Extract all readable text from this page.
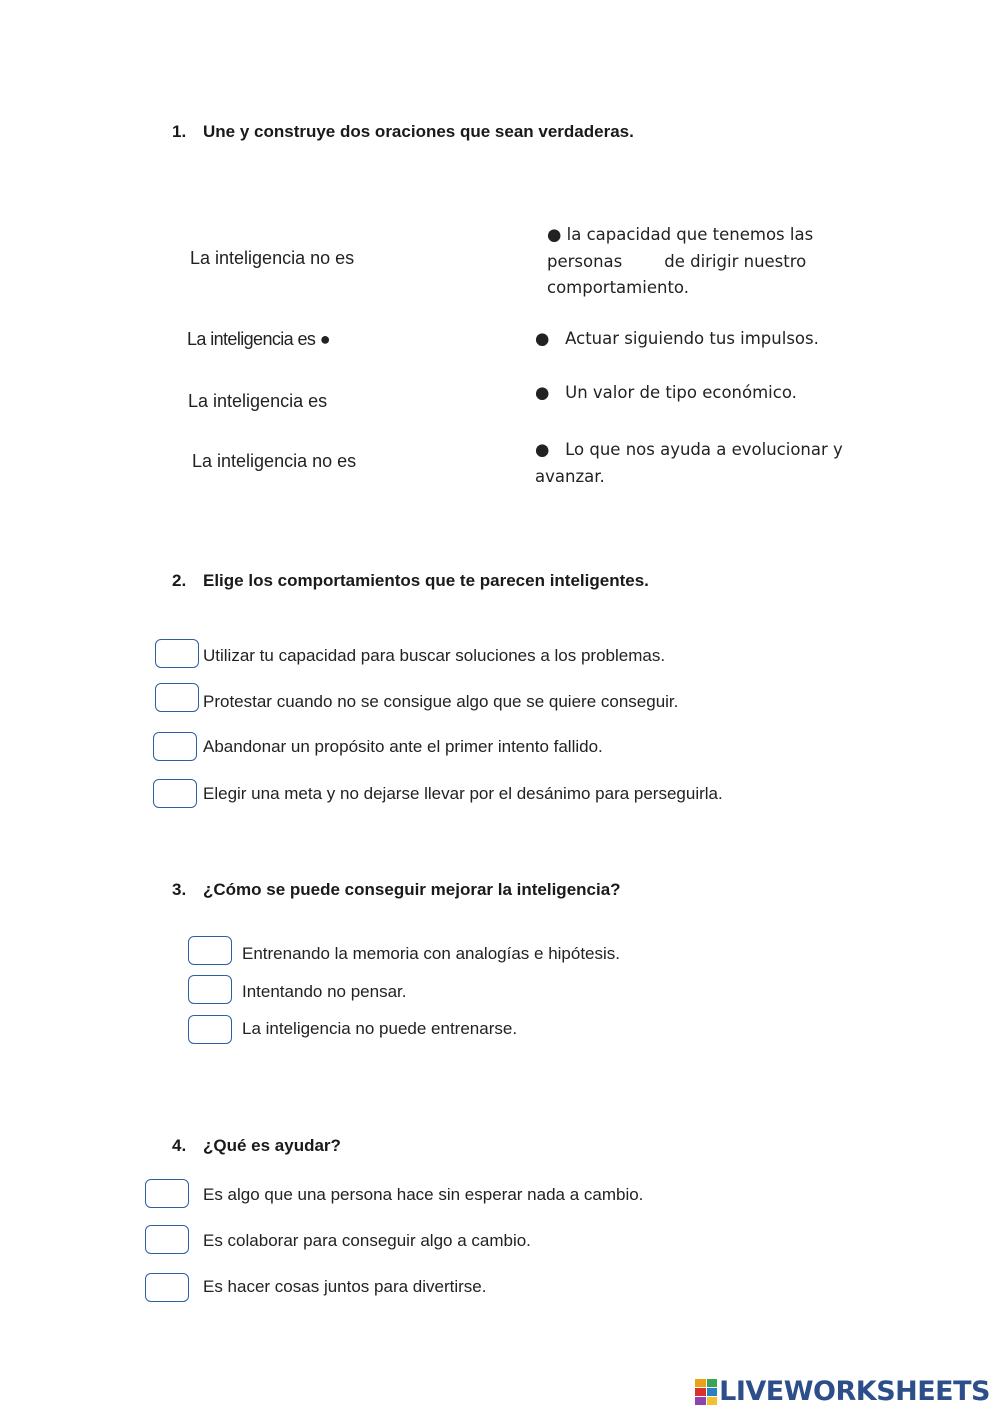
1. Une y construye dos oraciones que sean verdaderas.
La inteligencia no es
La inteligencia es ●
La inteligencia es
La inteligencia no es
● la capacidad que tenemos las
personas        de dirigir nuestro
comportamiento.
●   Actuar siguiendo tus impulsos.
●   Un valor de tipo económico.
●   Lo que nos ayuda a evolucionar y
avanzar.
2. Elige los comportamientos que te parecen inteligentes.
Utilizar tu capacidad para buscar soluciones a los problemas.
Protestar cuando no se consigue algo que se quiere conseguir.
Abandonar un propósito ante el primer intento fallido.
Elegir una meta y no dejarse llevar por el desánimo para perseguirla.
3. ¿Cómo se puede conseguir mejorar la inteligencia?
Entrenando la memoria con analogías e hipótesis.
Intentando no pensar.
La inteligencia no puede entrenarse.
4. ¿Qué es ayudar?
Es algo que una persona hace sin esperar nada a cambio.
Es colaborar para conseguir algo a cambio.
Es hacer cosas juntos para divertirse.
LIVEWORKSHEETS
